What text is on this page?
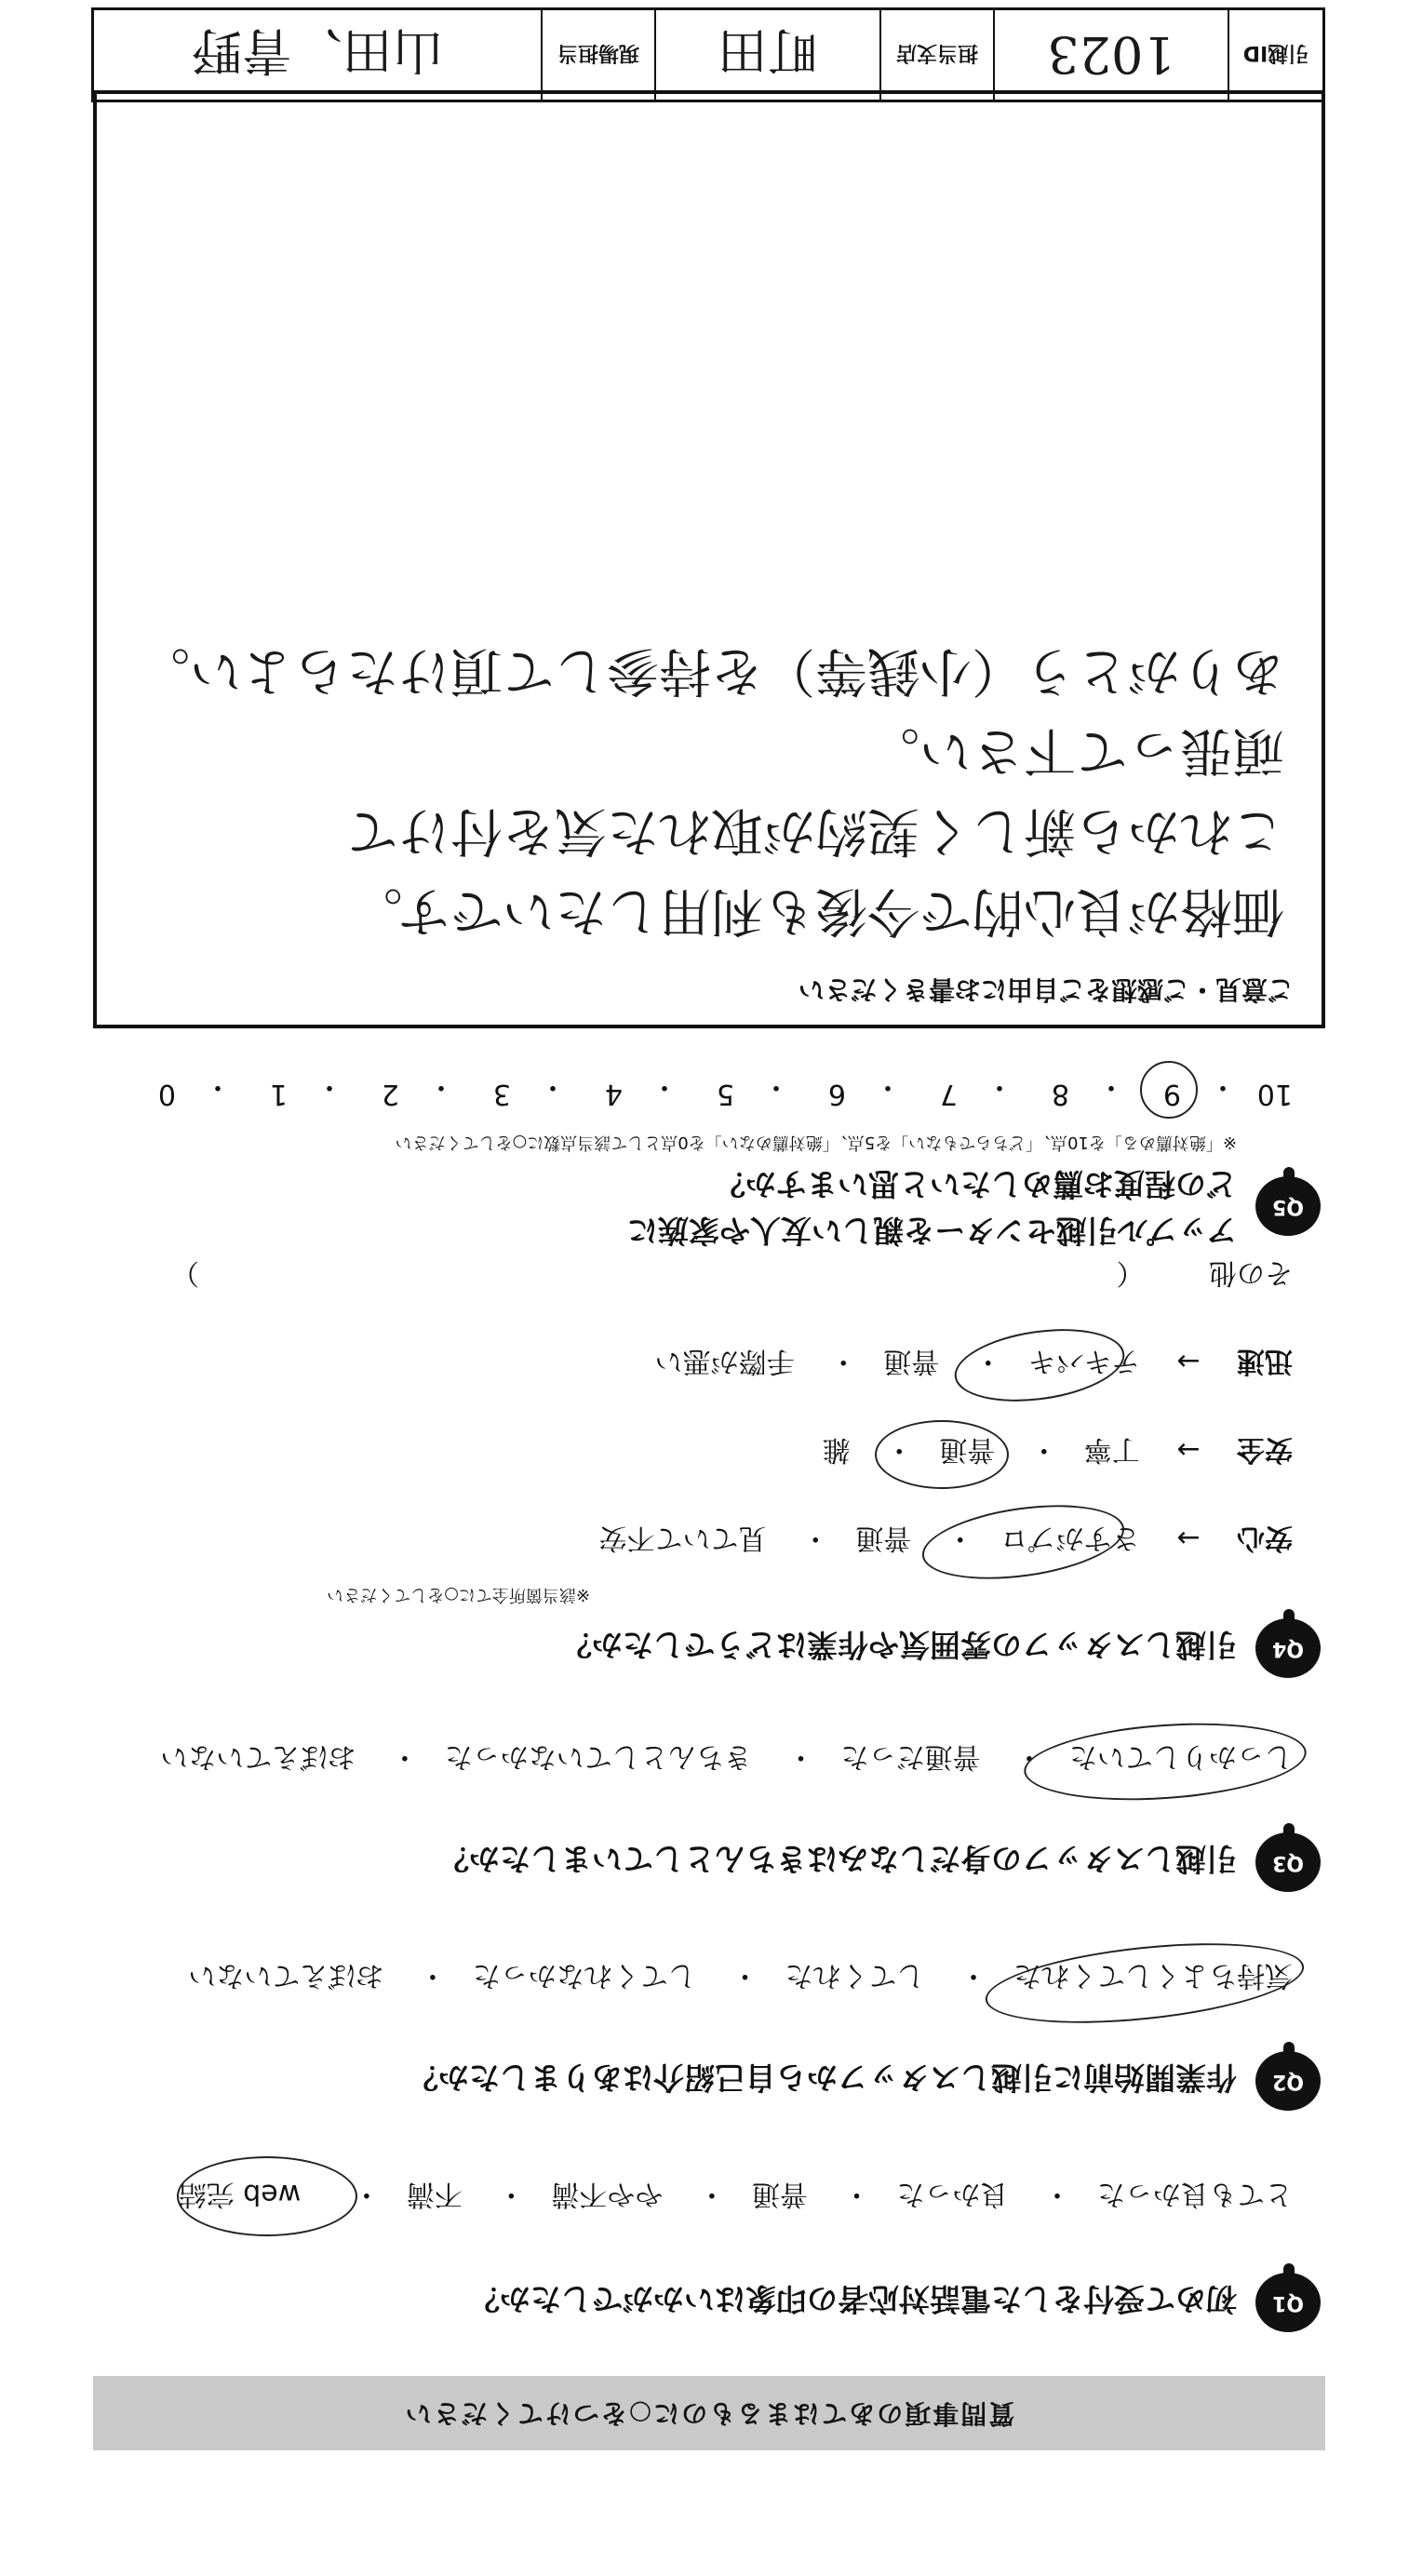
質問事項のあてはまるものに○をつけてください
Q1
初めて受付をした電話対応者の印象はいかがでしたか？
とても良かった・ 良かった・ 普通・ やや不満・ 不満・ web 完結
Q2
作業開始前に引越しスタッフから自己紹介はありましたか？
気持ちよくしてくれた・ してくれた・ してくれなかった・ おぼえていない
Q3
引越しスタッフの身だしなみはきちんとしていましたか？
しっかりしていた・ 普通だった・ きちんとしていなかった・ おぼえていない
Q4
引越しスタッフの雰囲気や作業はどうでしたか？
※該当箇所全てに○をしてください
安心 → さすがプロ・ 普通・ 見ていて不安
安全 → 丁寧・ 普通・ 雑
迅速 → テキパキ・ 普通・ 手際が悪い
その他 （
）
Q5
アップル引越センターを親しい友人や家族に
どの程度お薦めしたいと思いますか？
※「絶対薦める」を10点、「どちらでもない」を5点、「絶対薦めない」を0点として該当点数に○をしてください
10
9
8
7
6
5
4
3
2
1
0	・
・
・
・
・
・
・
・
・
・
ご意見・ご感想をご自由にお書きください
価格が良心的で今後も利用したいです。
これから新しく契約が取れた気を付けて
頑張って下さい。
ありがとう（小銭等）を持参して頂けたらよい。
引越ID
1023
担当支店
町田
現場担当
山田、青野
